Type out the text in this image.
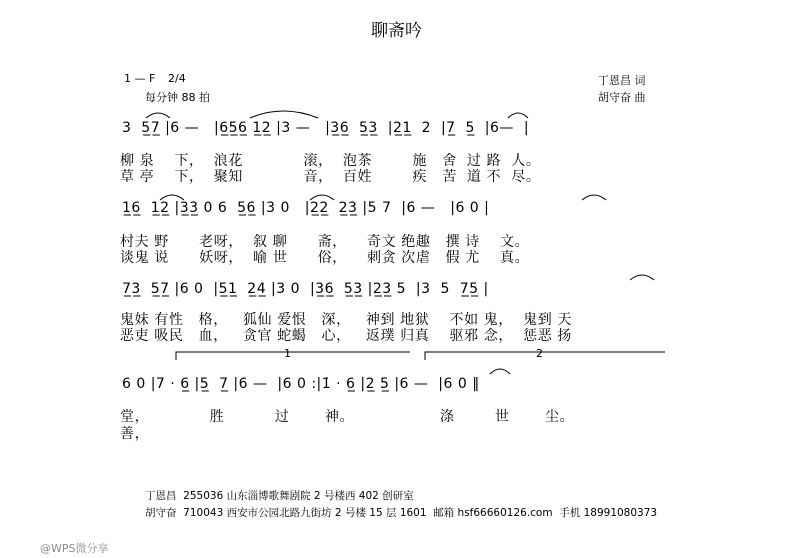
聊斋吟
1 — F 2/4
每分钟 88 拍
丁恩昌 词
胡守奋 曲
3  5̲7̲ |6 —   |6̲5̲6̲ 1̲2̲ |3 —   |3̲6̲  5̲3̲  |2̲1̲  2  |7̲  5̲  |6—  |
柳 泉    下，  浪花            滚，  泡茶        施   舍  过 路  人。
草 亭    下，  聚知            音，  百姓        疾   苦  道 不  尽。
1̲6̲  1̲2̲ |3̲3̲ 0 6  5̲6̲ |3 0   |2̲2̲  2̲3̲ |5 7  |6 —   |6 0 |
村夫 野      老呀，  叙 聊      斋，    奇文 绝趣   撰 诗    文。
谈鬼 说      妖呀，  喻 世      俗，    刺贪 次虐   假 尤    真。
7̲3̲  5̲7̲ |6 0  |5̲1̲  2̲4̲ |3 0  |3̲6̲  5̲3̲ |2̲3̲ 5  |3  5  7̲5̲ |
鬼妹 有性   格，   狐仙 爱恨   深，   神到 地狱    不如 鬼，  鬼到 天
恶吏 吸民   血，   贪官 蛇蝎   心，   返璞 归真    驱邪 念，  惩恶 扬
1	2
6 0 |7 · 6̲ |5̲  7̲ |6 —  |6 0 :|1̇ · 6̲ |2̲ 5̲ |6 —  |6 0 ‖
堂，            胜          过       神。                 涤        世       尘。
善，
丁恩昌  255036 山东淄博歌舞剧院 2 号楼西 402 创研室
胡守奋  710043 西安市公园北路九街坊 2 号楼 15 层 1601  邮箱 hsf66660126.com  手机 18991080373
@WPS微分享
